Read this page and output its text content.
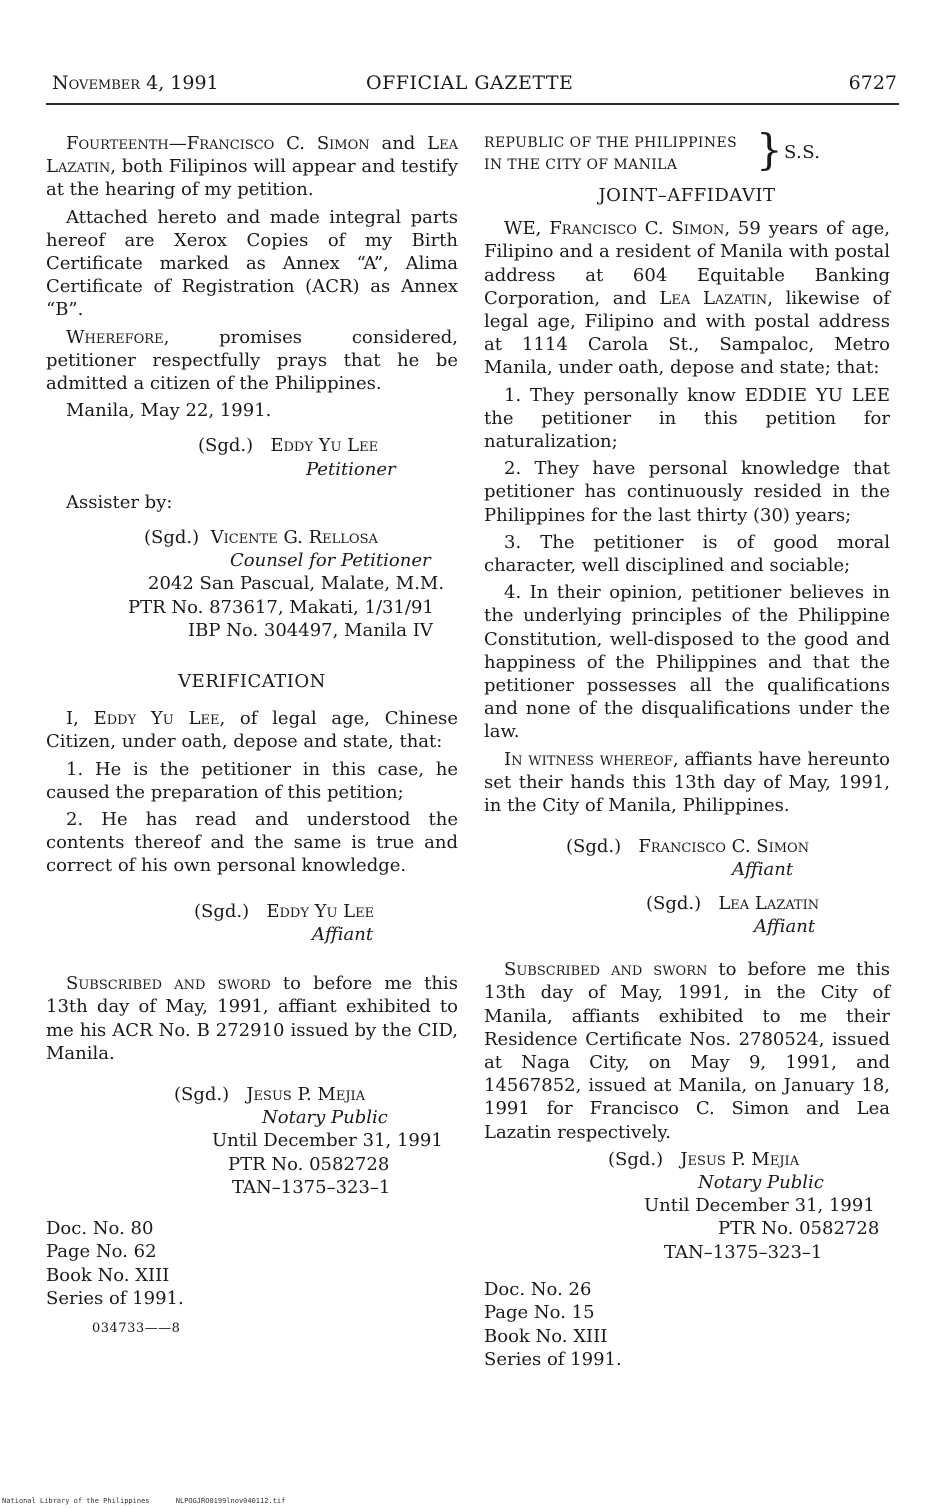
November 4, 1991	OFFICIAL GAZETTE	6727

Fourteenth—Francisco C. Simon and Lea Lazatin, both Filipinos will appear and testify at the hearing of my petition.

Attached hereto and made integral parts hereof are Xerox Copies of my Birth Certificate marked as Annex “A”, Alima Certificate of Registration (ACR) as Annex “B”.

Wherefore, promises considered, petitioner respectfully prays that he be admitted a citizen of the Philippines.

Manila, May 22, 1991.

(Sgd.) Eddy Yu Lee
Petitioner

Assister by:

(Sgd.) Vicente G. Rellosa
Counsel for Petitioner
2042 San Pascual, Malate, M.M.
PTR No. 873617, Makati, 1/31/91
IBP No. 304497, Manila IV
VERIFICATION

I, Eddy Yu Lee, of legal age, Chinese Citizen, under oath, depose and state, that:

1. He is the petitioner in this case, he caused the preparation of this petition;

2. He has read and understood the contents thereof and the same is true and correct of his own personal knowledge.

(Sgd.) Eddy Yu Lee
Affiant

Subscribed and sword to before me this 13th day of May, 1991, affiant exhibited to me his ACR No. B 272910 issued by the CID, Manila.

(Sgd.) Jesus P. Mejia
Notary Public
Until December 31, 1991
PTR No. 0582728
TAN–1375–323–1
Doc. No. 80
Page No. 62
Book No. XIII
Series of 1991.
034733——8
REPUBLIC OF THE PHILIPPINES
IN THE CITY OF MANILA	} S.S.
JOINT–AFFIDAVIT

WE, Francisco C. Simon, 59 years of age, Filipino and a resident of Manila with postal address at 604 Equitable Banking Corporation, and Lea Lazatin, likewise of legal age, Filipino and with postal address at 1114 Carola St., Sampaloc, Metro Manila, under oath, depose and state; that:

1. They personally know EDDIE YU LEE the petitioner in this petition for naturalization;

2. They have personal knowledge that petitioner has continuously resided in the Philippines for the last thirty (30) years;

3. The petitioner is of good moral character, well disciplined and sociable;

4. In their opinion, petitioner believes in the underlying principles of the Philippine Constitution, well-disposed to the good and happiness of the Philippines and that the petitioner possesses all the qualifications and none of the disqualifications under the law.

In witness whereof, affiants have hereunto set their hands this 13th day of May, 1991, in the City of Manila, Philippines.

(Sgd.) Francisco C. Simon
Affiant
(Sgd.) Lea Lazatin
Affiant

Subscribed and sworn to before me this 13th day of May, 1991, in the City of Manila, affiants exhibited to me their Residence Certificate Nos. 2780524, issued at Naga City, on May 9, 1991, and 14567852, issued at Manila, on January 18, 1991 for Francisco C. Simon and Lea Lazatin respectively.

(Sgd.) Jesus P. Mejia
Notary Public
Until December 31, 1991
PTR No. 0582728
TAN–1375–323–1
Doc. No. 26
Page No. 15
Book No. XIII
Series of 1991.
National Library of the Philippines	NLPOGJRO0199lnov040112.tif
